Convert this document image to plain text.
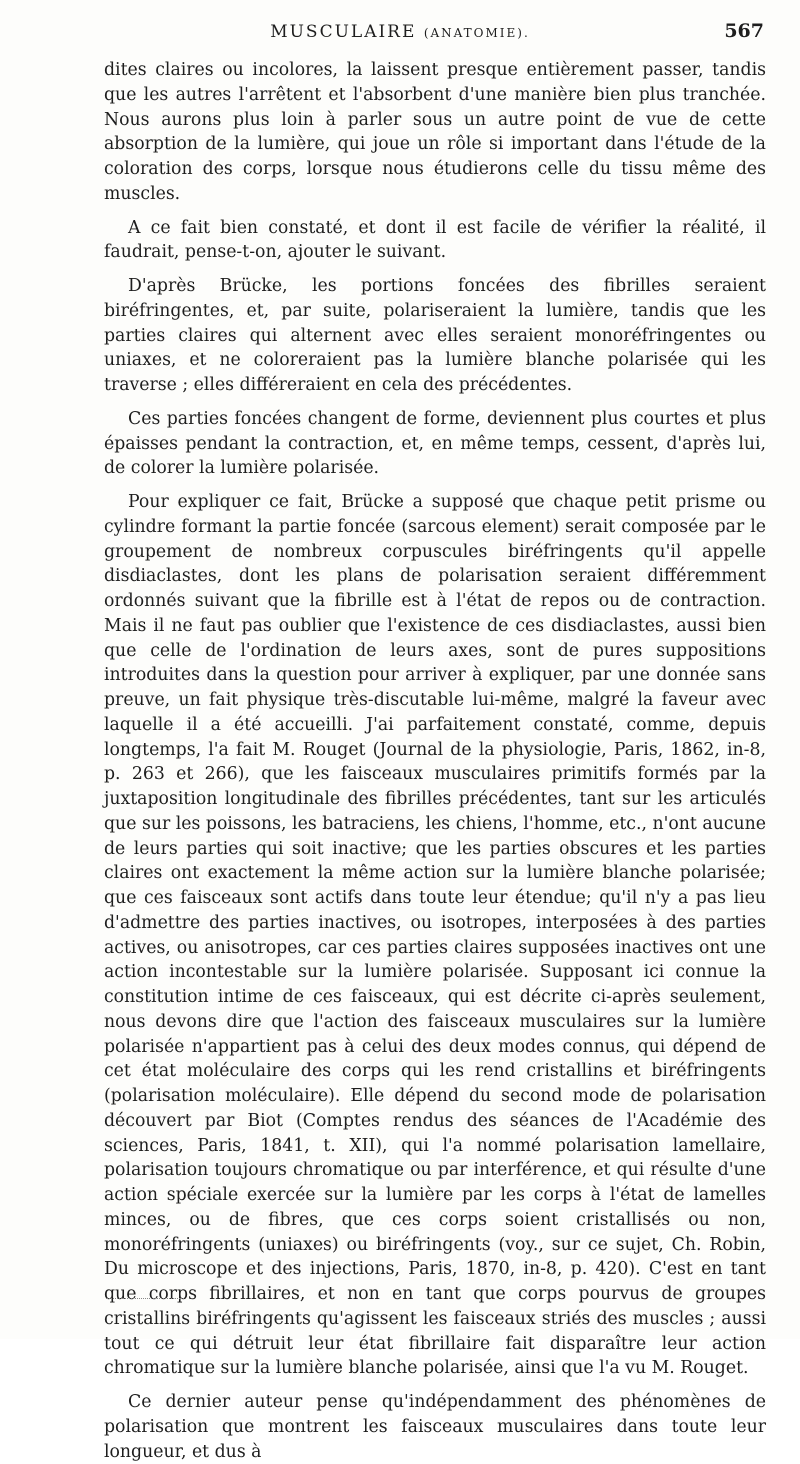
MUSCULAIRE (ANATOMIE).	567

dites claires ou incolores, la laissent presque entièrement passer, tandis que les autres l'arrêtent et l'absorbent d'une manière bien plus tranchée. Nous aurons plus loin à parler sous un autre point de vue de cette absorption de la lumière, qui joue un rôle si important dans l'étude de la coloration des corps, lorsque nous étudierons celle du tissu même des muscles.

A ce fait bien constaté, et dont il est facile de vérifier la réalité, il faudrait, pense-t-on, ajouter le suivant.

D'après Brücke, les portions foncées des fibrilles seraient biréfringentes, et, par suite, polariseraient la lumière, tandis que les parties claires qui alternent avec elles seraient monoréfringentes ou uniaxes, et ne coloreraient pas la lumière blanche polarisée qui les traverse ; elles différeraient en cela des précédentes.

Ces parties foncées changent de forme, deviennent plus courtes et plus épaisses pendant la contraction, et, en même temps, cessent, d'après lui, de colorer la lumière polarisée.

Pour expliquer ce fait, Brücke a supposé que chaque petit prisme ou cylindre formant la partie foncée (sarcous element) serait composée par le groupement de nombreux corpuscules biréfringents qu'il appelle disdiaclastes, dont les plans de polarisation seraient différemment ordonnés suivant que la fibrille est à l'état de repos ou de contraction. Mais il ne faut pas oublier que l'existence de ces disdiaclastes, aussi bien que celle de l'ordination de leurs axes, sont de pures suppositions introduites dans la question pour arriver à expliquer, par une donnée sans preuve, un fait physique très-discutable lui-même, malgré la faveur avec laquelle il a été accueilli. J'ai parfaitement constaté, comme, depuis longtemps, l'a fait M. Rouget (Journal de la physiologie, Paris, 1862, in-8, p. 263 et 266), que les faisceaux musculaires primitifs formés par la juxtaposition longitudinale des fibrilles précédentes, tant sur les articulés que sur les poissons, les batraciens, les chiens, l'homme, etc., n'ont aucune de leurs parties qui soit inactive; que les parties obscures et les parties claires ont exactement la même action sur la lumière blanche polarisée; que ces faisceaux sont actifs dans toute leur étendue; qu'il n'y a pas lieu d'admettre des parties inactives, ou isotropes, interposées à des parties actives, ou anisotropes, car ces parties claires supposées inactives ont une action incontestable sur la lumière polarisée. Supposant ici connue la constitution intime de ces faisceaux, qui est décrite ci-après seulement, nous devons dire que l'action des faisceaux musculaires sur la lumière polarisée n'appartient pas à celui des deux modes connus, qui dépend de cet état moléculaire des corps qui les rend cristallins et biréfringents (polarisation moléculaire). Elle dépend du second mode de polarisation découvert par Biot (Comptes rendus des séances de l'Académie des sciences, Paris, 1841, t. XII), qui l'a nommé polarisation lamellaire, polarisation toujours chromatique ou par interférence, et qui résulte d'une action spéciale exercée sur la lumière par les corps à l'état de lamelles minces, ou de fibres, que ces corps soient cristallisés ou non, monoréfringents (uniaxes) ou biréfringents (voy., sur ce sujet, Ch. Robin, Du microscope et des injections, Paris, 1870, in-8, p. 420). C'est en tant que corps fibrillaires, et non en tant que corps pourvus de groupes cristallins biréfringents qu'agissent les faisceaux striés des muscles ; aussi tout ce qui détruit leur état fibrillaire fait disparaître leur action chromatique sur la lumière blanche polarisée, ainsi que l'a vu M. Rouget.

Ce dernier auteur pense qu'indépendamment des phénomènes de polarisation que montrent les faisceaux musculaires dans toute leur longueur, et dus à
